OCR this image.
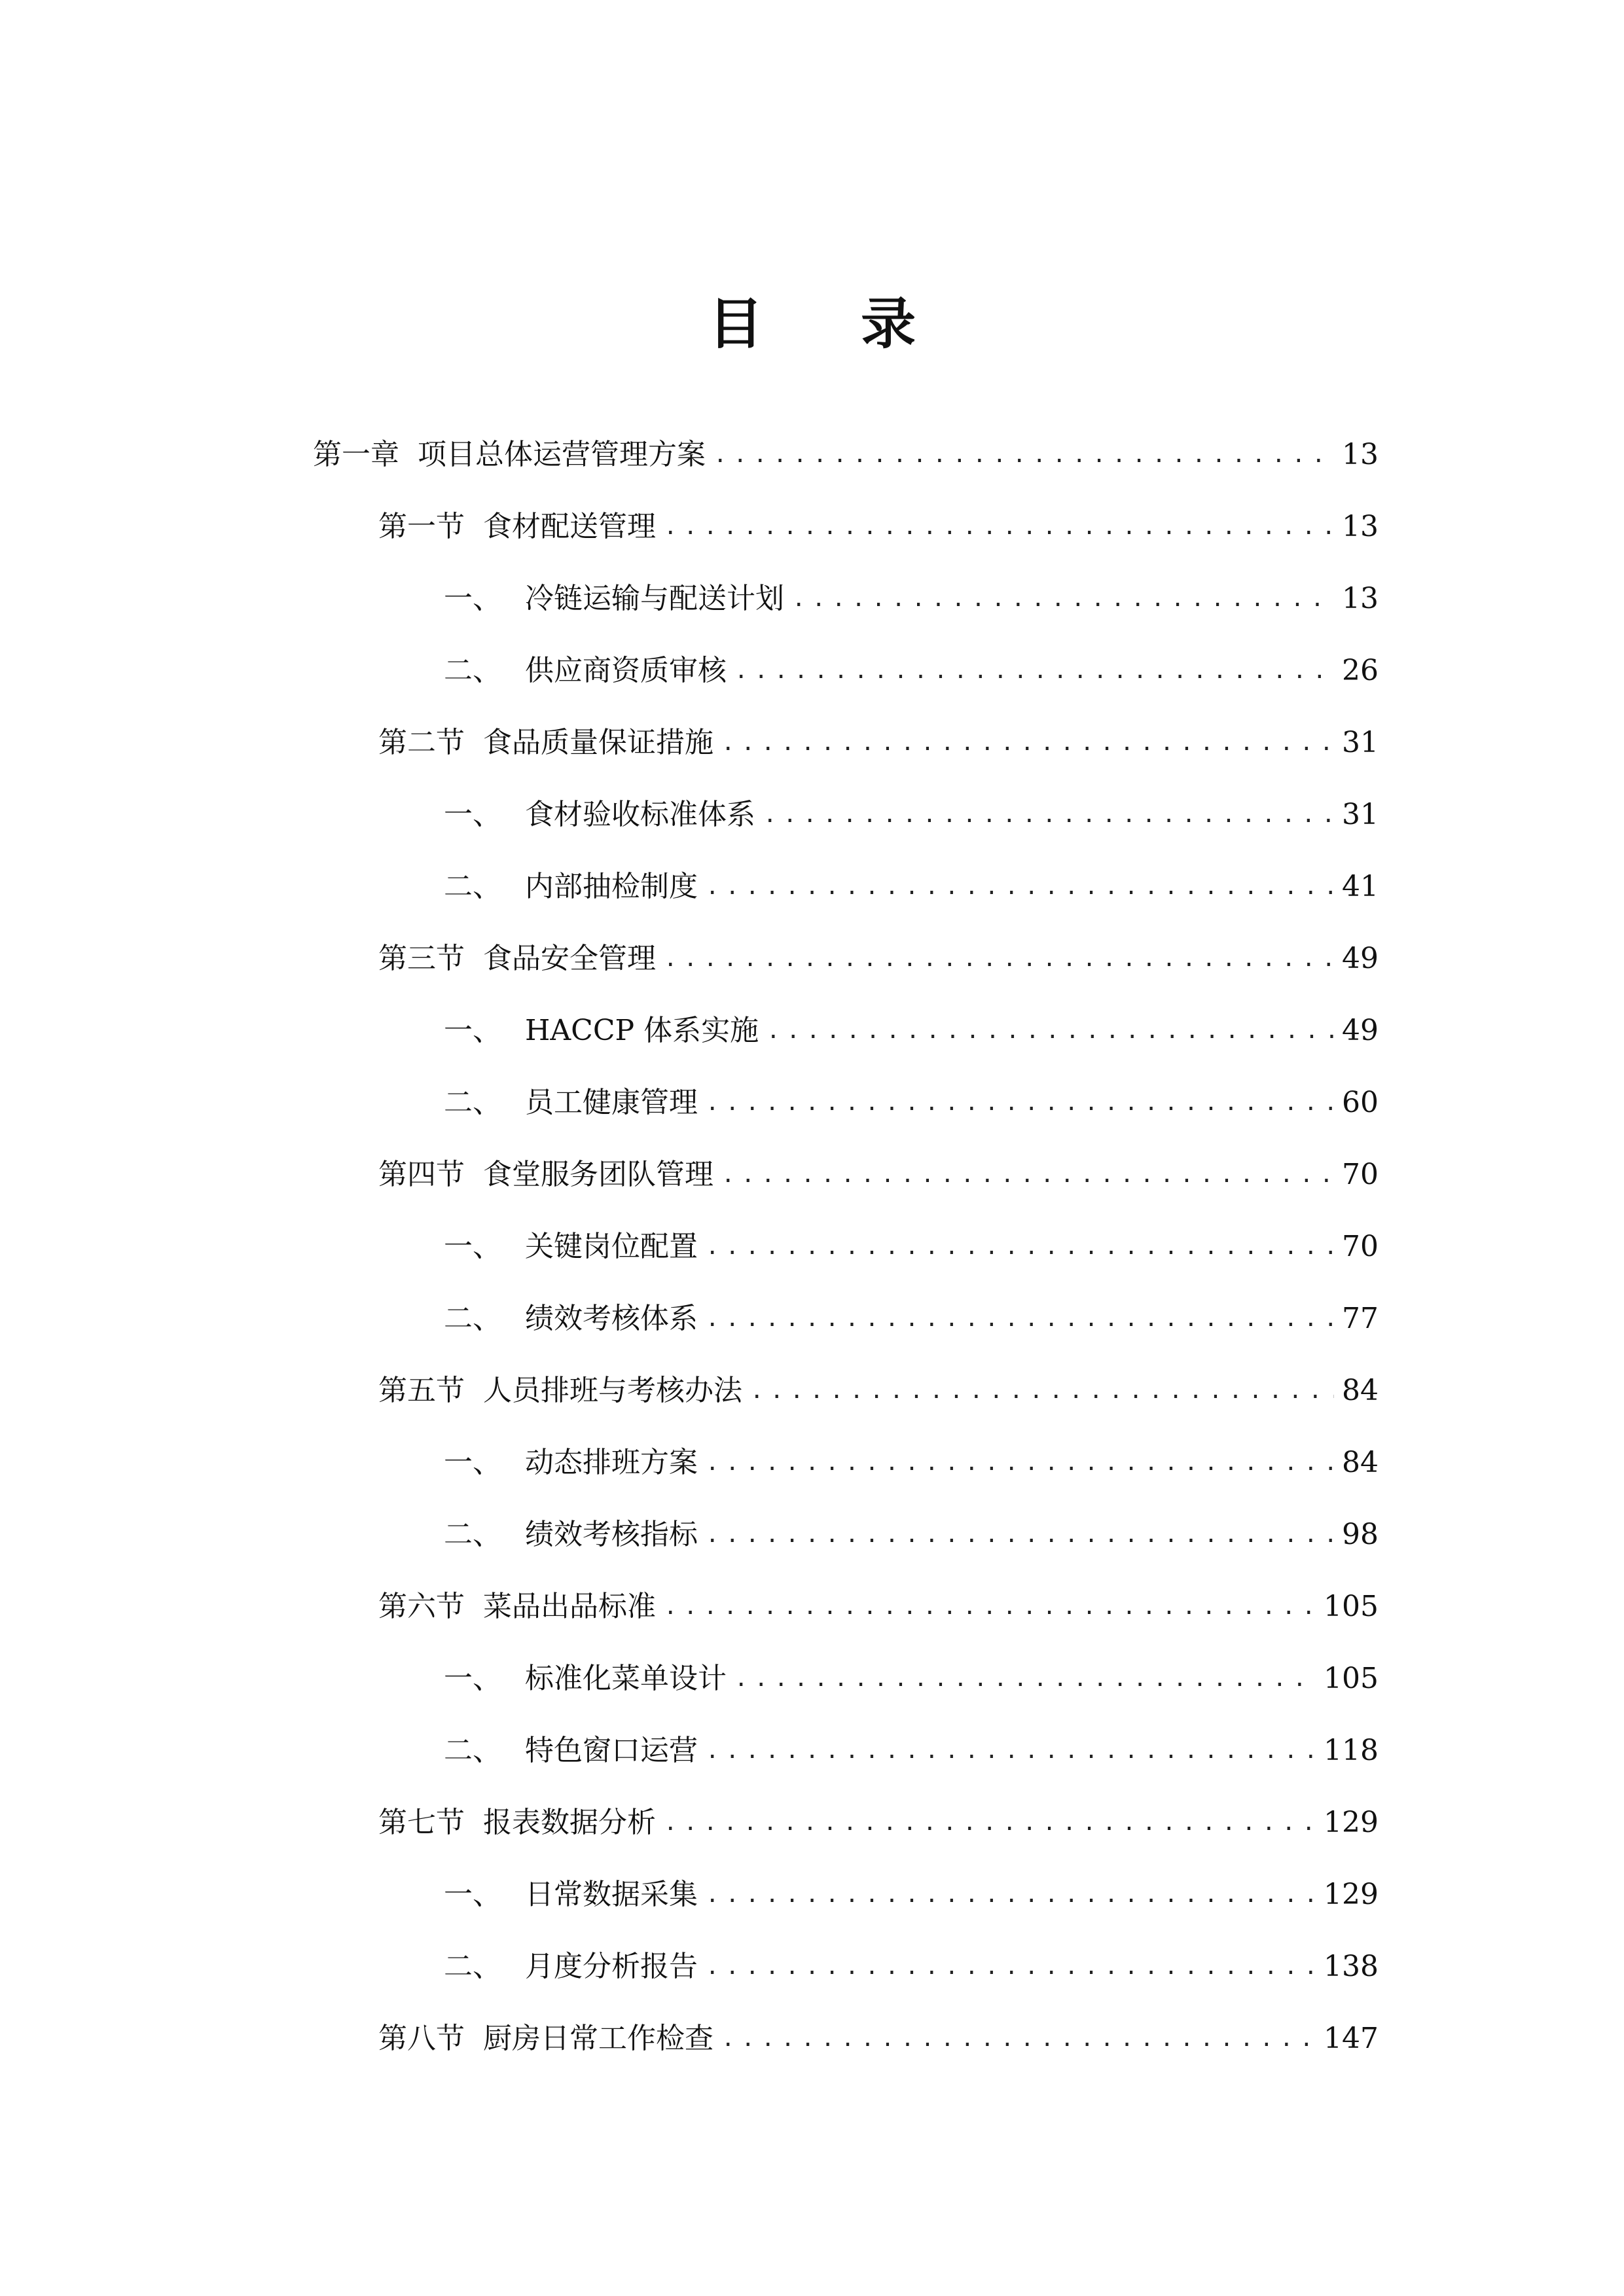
目 录
第一章 项目总体运营管理方案 .....	13
第一节 食材配送管理 .....	13
一、 冷链运输与配送计划 .....	13
二、 供应商资质审核 .....	26
第二节 食品质量保证措施 .....	31
一、 食材验收标准体系 .....	31
二、 内部抽检制度 .....	41
第三节 食品安全管理 .....	49
一、 HACCP 体系实施 .....	49
二、 员工健康管理 .....	60
第四节 食堂服务团队管理 .....	70
一、 关键岗位配置 .....	70
二、 绩效考核体系 .....	77
第五节 人员排班与考核办法 .....	84
一、 动态排班方案 .....	84
二、 绩效考核指标 .....	98
第六节 菜品出品标准 .....	105
一、 标准化菜单设计 .....	105
二、 特色窗口运营 .....	118
第七节 报表数据分析 .....	129
一、 日常数据采集 .....	129
二、 月度分析报告 .....	138
第八节 厨房日常工作检查 .....	147
